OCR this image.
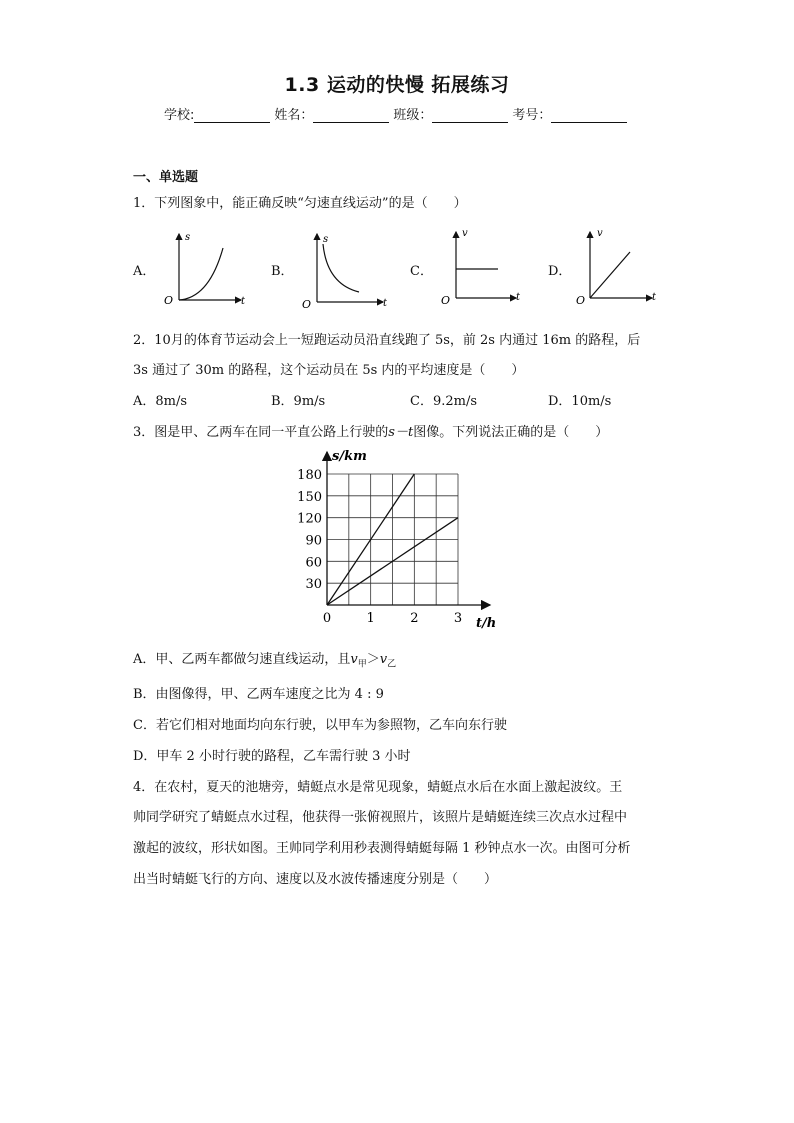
1.3 运动的快慢 拓展练习
学校:	姓名：	班级：	考号：
一、单选题
1．下列图象中，能正确反映“匀速直线运动”的是（　　）
A．
s
t
O
B．
s
t
O
C．
v
t
O
D．
v
t
O
2．10月的体育节运动会上一短跑运动员沿直线跑了 5s，前 2s 内通过 16m 的路程，后
3s 通过了 30m 的路程，这个运动员在 5s 内的平均速度是（　　）
A．8m/s	B．9m/s	C．9.2m/s	D．10m/s
3．图是甲、乙两车在同一平直公路上行驶的s－t图像。下列说法正确的是（　　）
30
60
90
120
150
180
0	1	2	3
s/km
t/h
A．甲、乙两车都做匀速直线运动，且$v_甲>v_乙$
B．由图像得，甲、乙两车速度之比为 4 : 9
C．若它们相对地面均向东行驶，以甲车为参照物，乙车向东行驶
D．甲车 2 小时行驶的路程，乙车需行驶 3 小时
4．在农村，夏天的池塘旁，蜻蜓点水是常见现象，蜻蜓点水后在水面上激起波纹。王
帅同学研究了蜻蜓点水过程，他获得一张俯视照片，该照片是蜻蜓连续三次点水过程中
激起的波纹，形状如图。王帅同学利用秒表测得蜻蜓每隔 1 秒钟点水一次。由图可分析
出当时蜻蜓飞行的方向、速度以及水波传播速度分别是（　　）
